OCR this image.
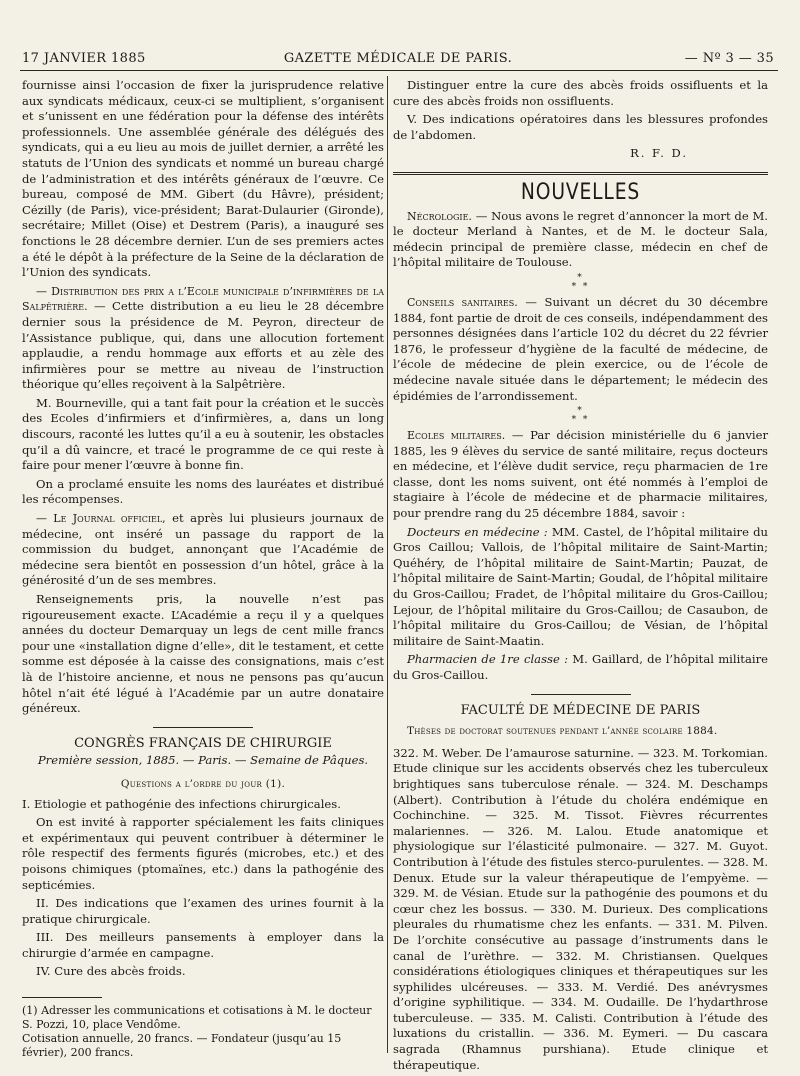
17 JANVIER 1885	GAZETTE MÉDICALE DE PARIS.	— Nº 3 — 35

fournisse ainsi l’occasion de fixer la jurisprudence relative aux syndicats médicaux, ceux-ci se multiplient, s’organisent et s’unissent en une fédération pour la défense des intérêts professionnels. Une assemblée générale des délégués des syndicats, qui a eu lieu au mois de juillet dernier, a arrêté les statuts de l’Union des syndicats et nommé un bureau chargé de l’administration et des intérêts généraux de l’œuvre. Ce bureau, composé de MM. Gibert (du Hâvre), président; Cézilly (de Paris), vice-président; Barat-Dulaurier (Gironde), secrétaire; Millet (Oise) et Destrem (Paris), a inauguré ses fonctions le 28 décembre dernier. L’un de ses premiers actes a été le dépôt à la préfecture de la Seine de la déclaration de l’Union des syndicats.

— Distribution des prix a l’Ecole municipale d’infirmières de la Salpêtrière. — Cette distribution a eu lieu le 28 décembre dernier sous la présidence de M. Peyron, directeur de l’Assistance publique, qui, dans une allocution fortement applaudie, a rendu hommage aux efforts et au zèle des infirmières pour se mettre au niveau de l’instruction théorique qu’elles reçoivent à la Salpêtrière.

M. Bourneville, qui a tant fait pour la création et le succès des Ecoles d’infirmiers et d’infirmières, a, dans un long discours, raconté les luttes qu’il a eu à soutenir, les obstacles qu’il a dû vaincre, et tracé le programme de ce qui reste à faire pour mener l’œuvre à bonne fin.

On a proclamé ensuite les noms des lauréates et distribué les récompenses.

— Le Journal officiel, et après lui plusieurs journaux de médecine, ont inséré un passage du rapport de la commission du budget, annonçant que l’Académie de médecine sera bientôt en possession d’un hôtel, grâce à la générosité d’un de ses membres.

Renseignements pris, la nouvelle n’est pas rigoureusement exacte. L’Académie a reçu il y a quelques années du docteur Demarquay un legs de cent mille francs pour une «installation digne d’elle», dit le testament, et cette somme est déposée à la caisse des consignations, mais c’est là de l’histoire ancienne, et nous ne pensons pas qu’aucun hôtel n’ait été légué à l’Académie par un autre donataire généreux.

CONGRÈS FRANÇAIS DE CHIRURGIE
Première session, 1885. — Paris. — Semaine de Pâques.
Questions a l’ordre du jour (1).

I. Etiologie et pathogénie des infections chirurgicales.

On est invité à rapporter spécialement les faits cliniques et expérimentaux qui peuvent contribuer à déterminer le rôle respectif des ferments figurés (microbes, etc.) et des poisons chimiques (ptomaïnes, etc.) dans la pathogénie des septicémies.

II. Des indications que l’examen des urines fournit à la pratique chirurgicale.

III. Des meilleurs pansements à employer dans la chirurgie d’armée en campagne.

IV. Cure des abcès froids.

(1) Adresser les communications et cotisations à M. le docteur S. Pozzi, 10, place Vendôme.

Cotisation annuelle, 20 francs. — Fondateur (jusqu’au 15 février), 200 francs.

Distinguer entre la cure des abcès froids ossifluents et la cure des abcès froids non ossifluents.

V. Des indications opératoires dans les blessures profondes de l’abdomen.

R. F. D.
NOUVELLES

Nécrologie. — Nous avons le regret d’annoncer la mort de M. le docteur Merland à Nantes, et de M. le docteur Sala, médecin principal de première classe, médecin en chef de l’hôpital militaire de Toulouse.

*
* *

Conseils sanitaires. — Suivant un décret du 30 décembre 1884, font partie de droit de ces conseils, indépendamment des personnes désignées dans l’article 102 du décret du 22 février 1876, le professeur d’hygiène de la faculté de médecine, de l’école de médecine de plein exercice, ou de l’école de médecine navale située dans le département; le médecin des épidémies de l’arrondissement.

*
* *

Ecoles militaires. — Par décision ministérielle du 6 janvier 1885, les 9 élèves du service de santé militaire, reçus docteurs en médecine, et l’élève dudit service, reçu pharmacien de 1re classe, dont les noms suivent, ont été nommés à l’emploi de stagiaire à l’école de médecine et de pharmacie militaires, pour prendre rang du 25 décembre 1884, savoir :

Docteurs en médecine : MM. Castel, de l’hôpital militaire du Gros Caillou; Vallois, de l’hôpital militaire de Saint-Martin; Quéhéry, de l’hôpital militaire de Saint-Martin; Pauzat, de l’hôpital militaire de Saint-Martin; Goudal, de l’hôpital militaire du Gros-Caillou; Fradet, de l’hôpital militaire du Gros-Caillou; Lejour, de l’hôpital militaire du Gros-Caillou; de Casaubon, de l’hôpital militaire du Gros-Caillou; de Vésian, de l’hôpital militaire de Saint-Maatin.

Pharmacien de 1re classe : M. Gaillard, de l’hôpital militaire du Gros-Caillou.

FACULTÉ DE MÉDECINE DE PARIS
Thèses de doctorat soutenues pendant l’année scolaire 1884.

322. M. Weber. De l’amaurose saturnine. — 323. M. Torkomian. Etude clinique sur les accidents observés chez les tuberculeux brightiques sans tuberculose rénale. — 324. M. Deschamps (Albert). Contribution à l’étude du choléra endémique en Cochinchine. — 325. M. Tissot. Fièvres récurrentes malariennes. — 326. M. Lalou. Etude anatomique et physiologique sur l’élasticité pulmonaire. — 327. M. Guyot. Contribution à l’étude des fistules sterco-purulentes. — 328. M. Denux. Etude sur la valeur thérapeutique de l’empyème. — 329. M. de Vésian. Etude sur la pathogénie des poumons et du cœur chez les bossus. — 330. M. Durieux. Des complications pleurales du rhumatisme chez les enfants. — 331. M. Pilven. De l’orchite consécutive au passage d’instruments dans le canal de l’urèthre. — 332. M. Christiansen. Quelques considérations étiologiques cliniques et thérapeutiques sur les syphilides ulcéreuses. — 333. M. Verdié. Des anévrysmes d’origine syphilitique. — 334. M. Oudaille. De l’hydarthrose tuberculeuse. — 335. M. Calisti. Contribution à l’étude des luxations du cristallin. — 336. M. Eymeri. — Du cascara sagrada (Rhamnus purshiana). Etude clinique et thérapeutique.
